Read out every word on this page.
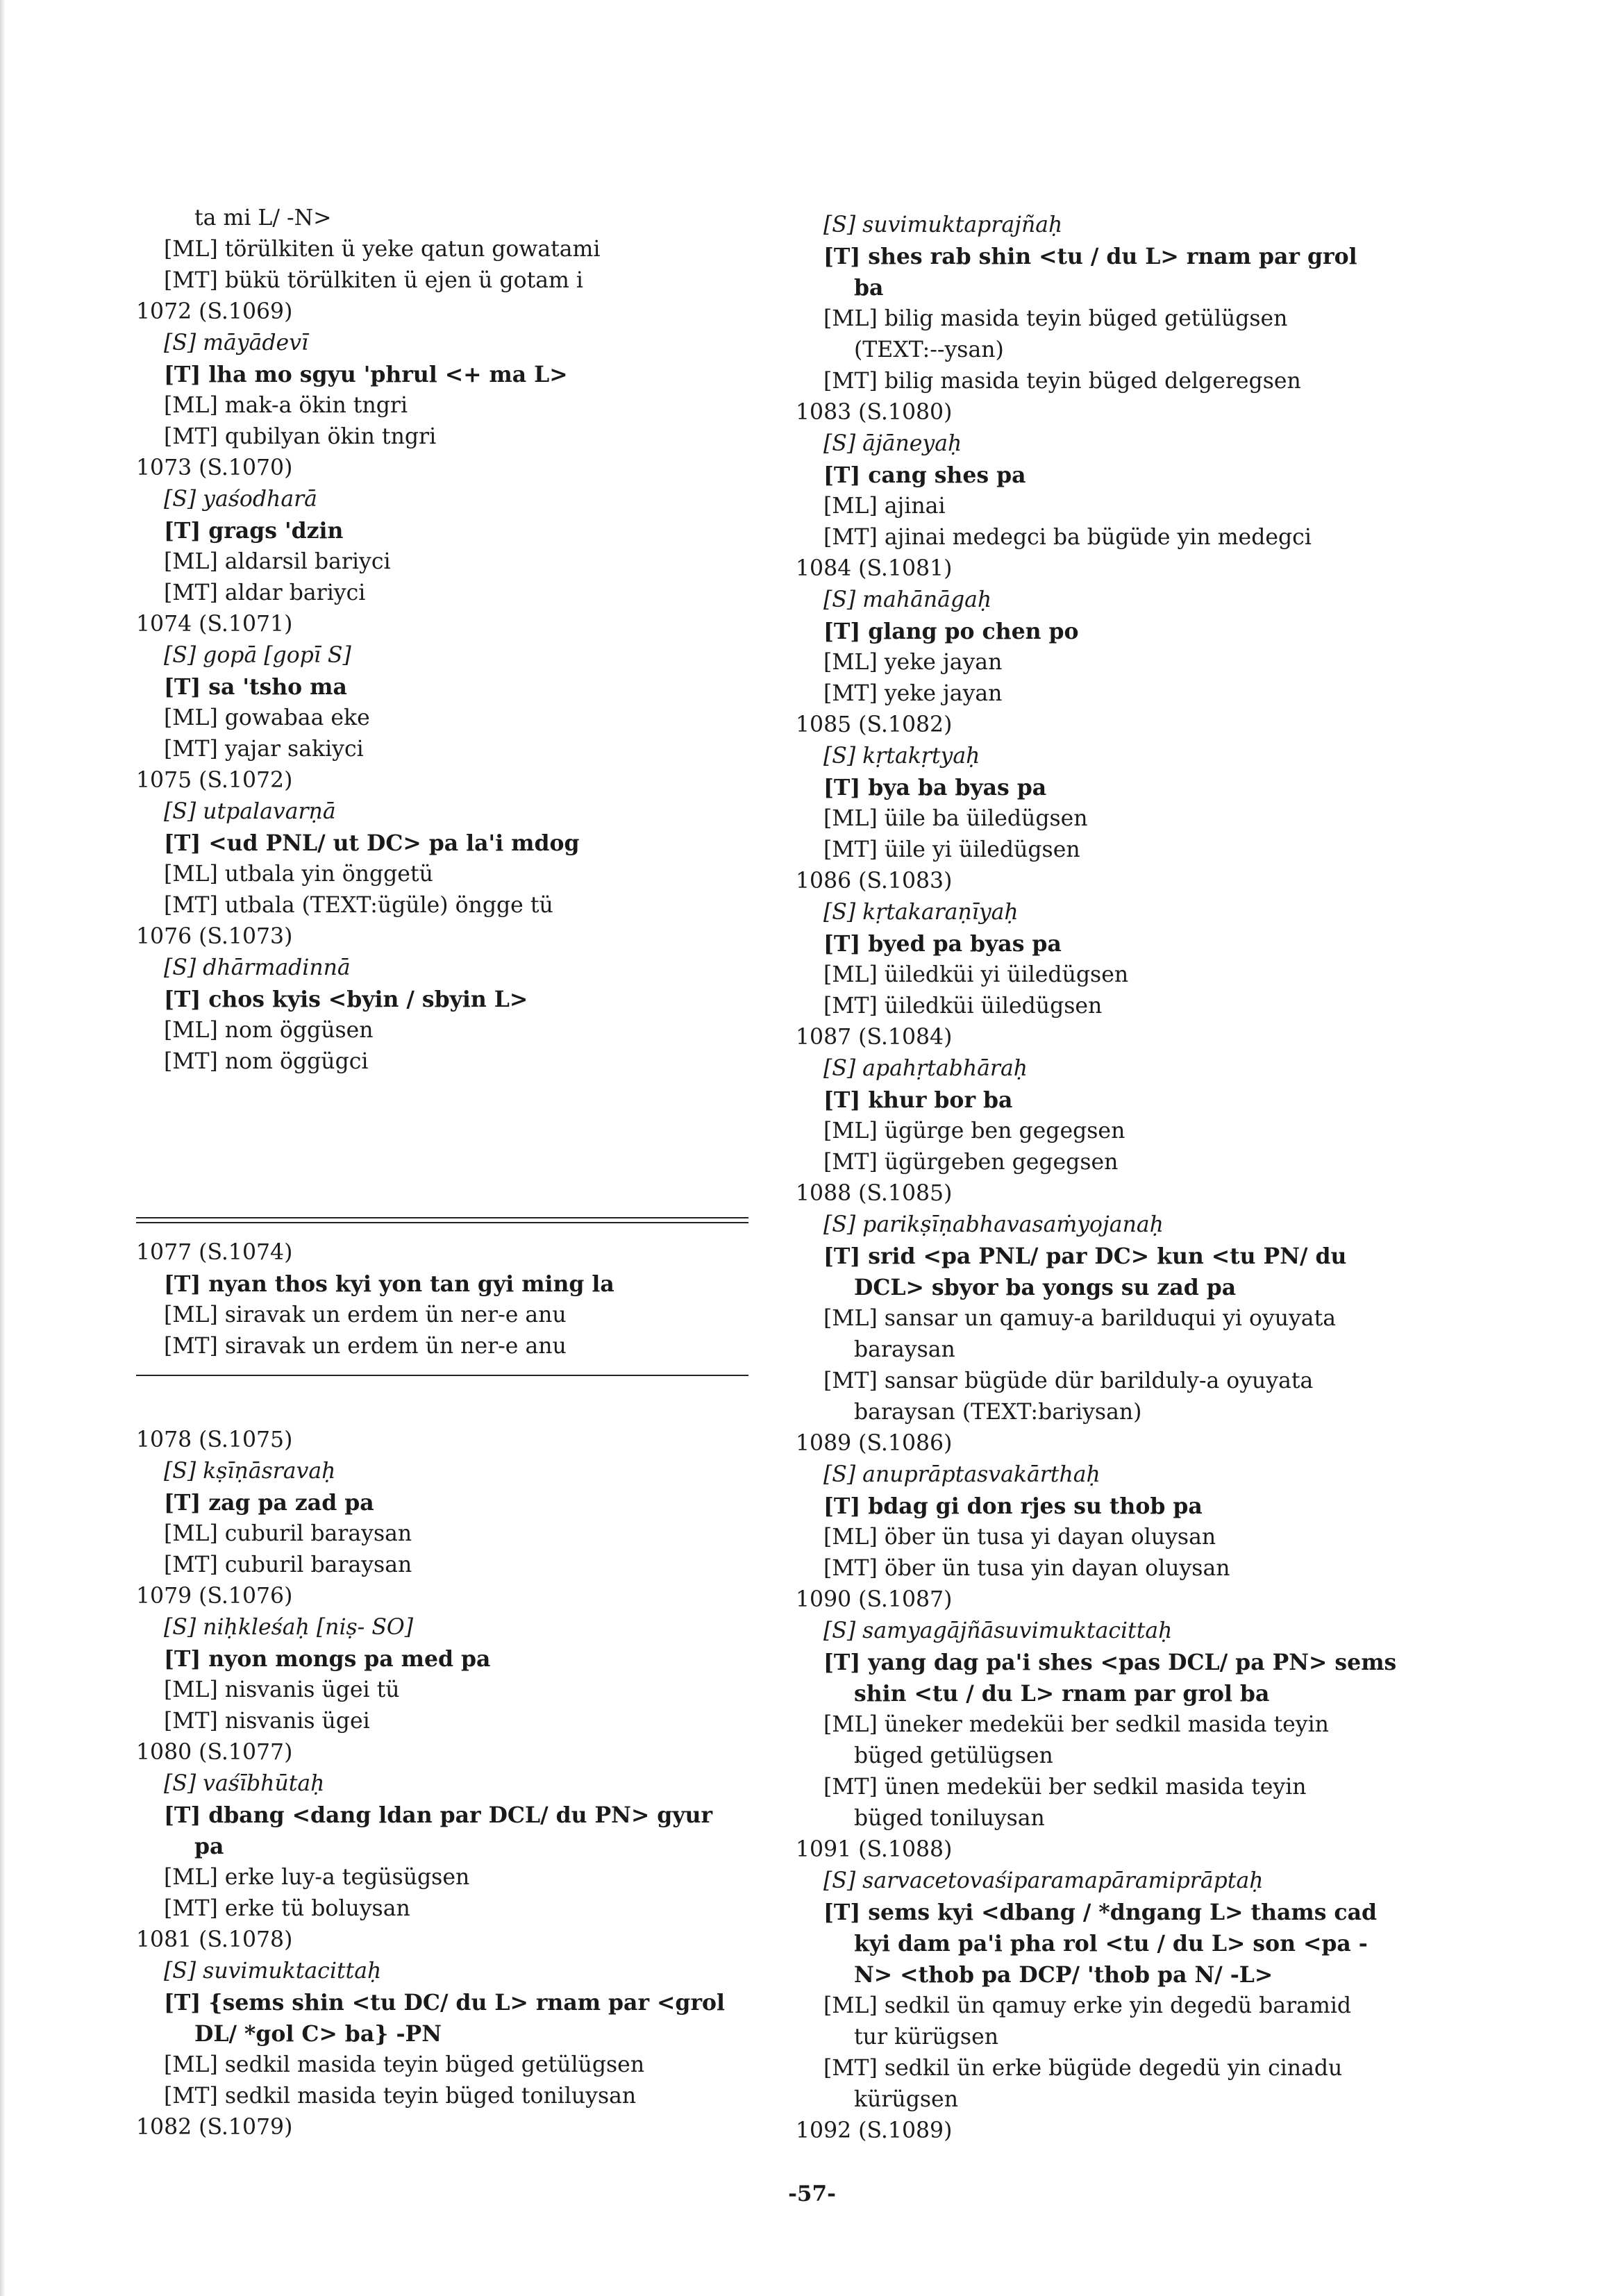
ta mi L/ -N>
[ML] törülkiten ü yeke qatun gowatami
[MT] bükü törülkiten ü ejen ü gotam i
1072 (S.1069)
[S] māyādevī
[T] lha mo sgyu 'phrul <+ ma L>
[ML] mak-a ökin tngri
[MT] qubilyan ökin tngri
1073 (S.1070)
[S] yaśodharā
[T] grags 'dzin
[ML] aldarsil bariyci
[MT] aldar bariyci
1074 (S.1071)
[S] gopā [gopī S]
[T] sa 'tsho ma
[ML] gowabaa eke
[MT] yajar sakiyci
1075 (S.1072)
[S] utpalavarṇā
[T] <ud PNL/ ut DC> pa la'i mdog
[ML] utbala yin önggetü
[MT] utbala (TEXT:ügüle) öngge tü
1076 (S.1073)
[S] dhārmadinnā
[T] chos kyis <byin / sbyin L>
[ML] nom öggüsen
[MT] nom öggügci
1077 (S.1074)
[T] nyan thos kyi yon tan gyi ming la
[ML] siravak un erdem ün ner-e anu
[MT] siravak un erdem ün ner-e anu
1078 (S.1075)
[S] kṣīṇāsravaḥ
[T] zag pa zad pa
[ML] cuburil baraysan
[MT] cuburil baraysan
1079 (S.1076)
[S] niḥkleśaḥ [niṣ- SO]
[T] nyon mongs pa med pa
[ML] nisvanis ügei tü
[MT] nisvanis ügei
1080 (S.1077)
[S] vaśībhūtaḥ
[T] dbang <dang ldan par DCL/ du PN> gyur
pa
[ML] erke luy-a tegüsügsen
[MT] erke tü boluysan
1081 (S.1078)
[S] suvimuktacittaḥ
[T] {sems shin <tu DC/ du L> rnam par <grol
DL/ *gol C> ba} -PN
[ML] sedkil masida teyin büged getülügsen
[MT] sedkil masida teyin büged toniluysan
1082 (S.1079)
[S] suvimuktaprajñaḥ
[T] shes rab shin <tu / du L> rnam par grol
ba
[ML] bilig masida teyin büged getülügsen
(TEXT:--ysan)
[MT] bilig masida teyin büged delgeregsen
1083 (S.1080)
[S] ājāneyaḥ
[T] cang shes pa
[ML] ajinai
[MT] ajinai medegci ba bügüde yin medegci
1084 (S.1081)
[S] mahānāgaḥ
[T] glang po chen po
[ML] yeke jayan
[MT] yeke jayan
1085 (S.1082)
[S] kṛtakṛtyaḥ
[T] bya ba byas pa
[ML] üile ba üiledügsen
[MT] üile yi üiledügsen
1086 (S.1083)
[S] kṛtakaraṇīyaḥ
[T] byed pa byas pa
[ML] üiledküi yi üiledügsen
[MT] üiledküi üiledügsen
1087 (S.1084)
[S] apahṛtabhāraḥ
[T] khur bor ba
[ML] ügürge ben gegegsen
[MT] ügürgeben gegegsen
1088 (S.1085)
[S] parikṣīṇabhavasaṁyojanaḥ
[T] srid <pa PNL/ par DC> kun <tu PN/ du
DCL> sbyor ba yongs su zad pa
[ML] sansar un qamuy-a barilduqui yi oyuyata
baraysan
[MT] sansar bügüde dür barilduly-a oyuyata
baraysan (TEXT:bariysan)
1089 (S.1086)
[S] anuprāptasvakārthaḥ
[T] bdag gi don rjes su thob pa
[ML] öber ün tusa yi dayan oluysan
[MT] öber ün tusa yin dayan oluysan
1090 (S.1087)
[S] samyagājñāsuvimuktacittaḥ
[T] yang dag pa'i shes <pas DCL/ pa PN> sems
shin <tu / du L> rnam par grol ba
[ML] üneker medeküi ber sedkil masida teyin
büged getülügsen
[MT] ünen medeküi ber sedkil masida teyin
büged toniluysan
1091 (S.1088)
[S] sarvacetovaśiparamapāramiprāptaḥ
[T] sems kyi <dbang / *dngang L> thams cad
kyi dam pa'i pha rol <tu / du L> son <pa -
N> <thob pa DCP/ 'thob pa N/ -L>
[ML] sedkil ün qamuy erke yin degedü baramid
tur kürügsen
[MT] sedkil ün erke bügüde degedü yin cinadu
kürügsen
1092 (S.1089)
-57-
